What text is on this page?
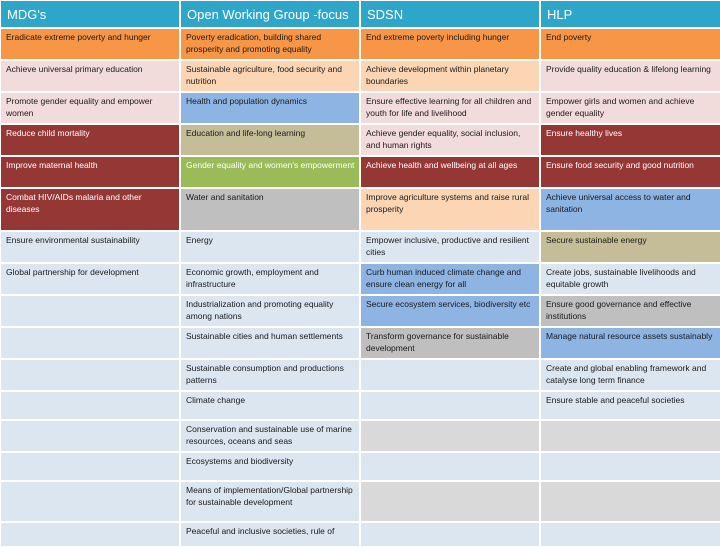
MDG's	Open Working Group -focus	SDSN	HLP
Eradicate extreme poverty and hunger	Poverty eradication, building shared prosperity and promoting equality	End extreme poverty including hunger	End poverty
Achieve universal primary education	Sustainable agriculture, food security and nutrition	Achieve development within planetary boundaries	Provide quality education & lifelong learning
Promote gender equality and empower women	Health and population dynamics	Ensure effective learning for all children and youth for life and livelihood	Empower girls and women and achieve gender equality
Reduce child mortality	Education and life-long learning	Achieve gender equality, social inclusion, and human rights	Ensure healthy lives
Improve maternal health	Gender equality and women's empowerment	Achieve health and wellbeing at all ages	Ensure food security and good nutrition
Combat HIV/AIDs malaria and other diseases	Water and sanitation	Improve agriculture systems and raise rural prosperity	Achieve universal access to water and sanitation
Ensure environmental sustainability	Energy	Empower inclusive, productive and resilient cities	Secure sustainable energy
Global partnership for development	Economic growth, employment and infrastructure	Curb human induced climate change and ensure clean energy for all	Create jobs, sustainable livelihoods and equitable growth
	Industrialization and promoting equality among nations	Secure ecosystem services, biodiversity etc	Ensure good governance and effective institutions
	Sustainable cities and human settlements	Transform governance for sustainable development	Manage natural resource assets sustainably
	Sustainable consumption and productions patterns		Create and global enabling framework and catalyse long term finance
	Climate change		Ensure stable and peaceful societies
	Conservation and sustainable use of marine resources, oceans and seas		
	Ecosystems and biodiversity		
	Means of implementation/Global partnership for sustainable development		
	Peaceful and inclusive societies, rule of		
